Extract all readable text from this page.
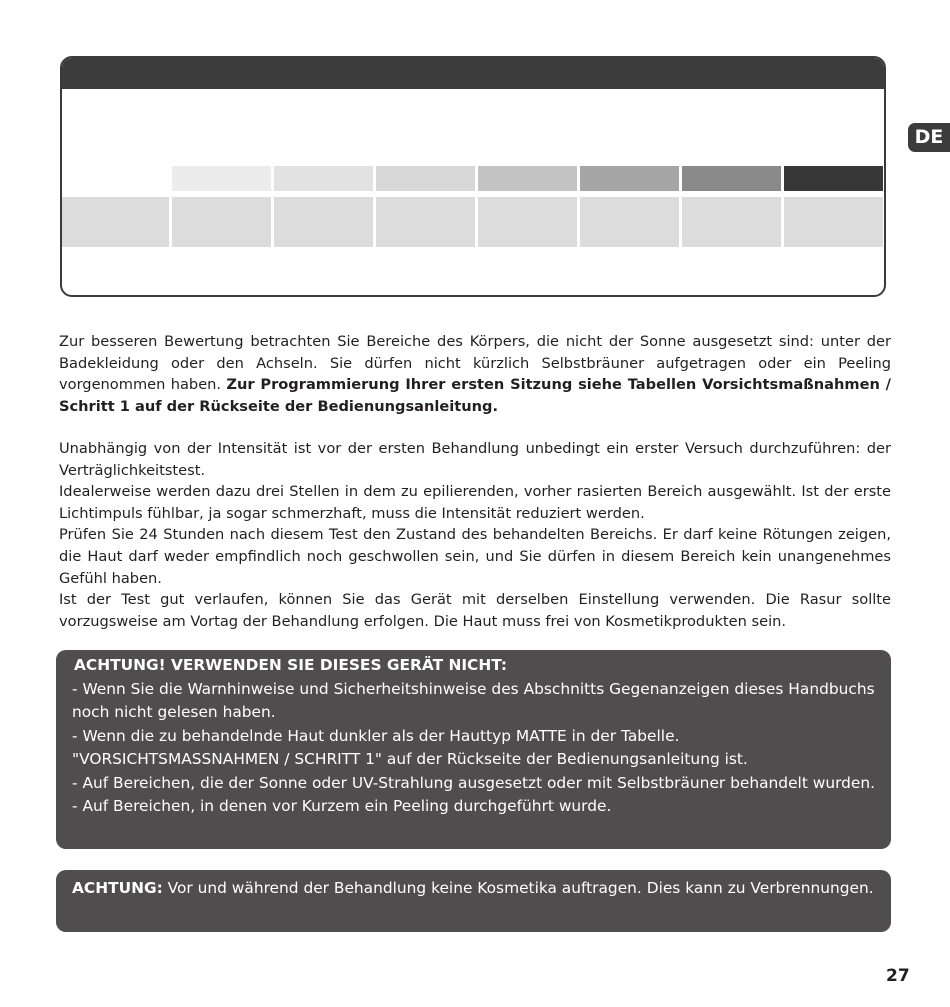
DE

Zur besseren Bewertung betrachten Sie Bereiche des Körpers, die nicht der Sonne ausgesetzt sind: unter der Badekleidung oder den Achseln. Sie dürfen nicht kürzlich Selbstbräuner aufgetragen oder ein Peeling vorgenommen haben. Zur Programmierung Ihrer ersten Sitzung siehe Tabellen Vorsichtsmaßnahmen / Schritt 1 auf der Rückseite der Bedienungsanleitung.

Unabhängig von der Intensität ist vor der ersten Behandlung unbedingt ein erster Versuch durchzuführen: der Verträglichkeitstest.

Idealerweise werden dazu drei Stellen in dem zu epilierenden, vorher rasierten Bereich ausgewählt. Ist der erste Lichtimpuls fühlbar, ja sogar schmerzhaft, muss die Intensität reduziert werden.

Prüfen Sie 24 Stunden nach diesem Test den Zustand des behandelten Bereichs. Er darf keine Rötungen zeigen, die Haut darf weder empfindlich noch geschwollen sein, und Sie dürfen in diesem Bereich kein unangenehmes Gefühl haben.

Ist der Test gut verlaufen, können Sie das Gerät mit derselben Einstellung verwenden. Die Rasur sollte vorzugsweise am Vortag der Behandlung erfolgen. Die Haut muss frei von Kosmetikprodukten sein.

ACHTUNG! VERWENDEN SIE DIESES GERÄT NICHT:
- Wenn Sie die Warnhinweise und Sicherheitshinweise des Abschnitts Gegenanzeigen dieses Handbuchs noch nicht gelesen haben.
- Wenn die zu behandelnde Haut dunkler als der Hauttyp MATTE in der Tabelle. "VORSICHTSMASSNAHMEN / SCHRITT 1" auf der Rückseite der Bedienungsanleitung ist.
- Auf Bereichen, die der Sonne oder UV-Strahlung ausgesetzt oder mit Selbstbräuner behandelt wurden.
- Auf Bereichen, in denen vor Kurzem ein Peeling durchgeführt wurde.
ACHTUNG: Vor und während der Behandlung keine Kosmetika auftragen. Dies kann zu Verbrennungen.
27
